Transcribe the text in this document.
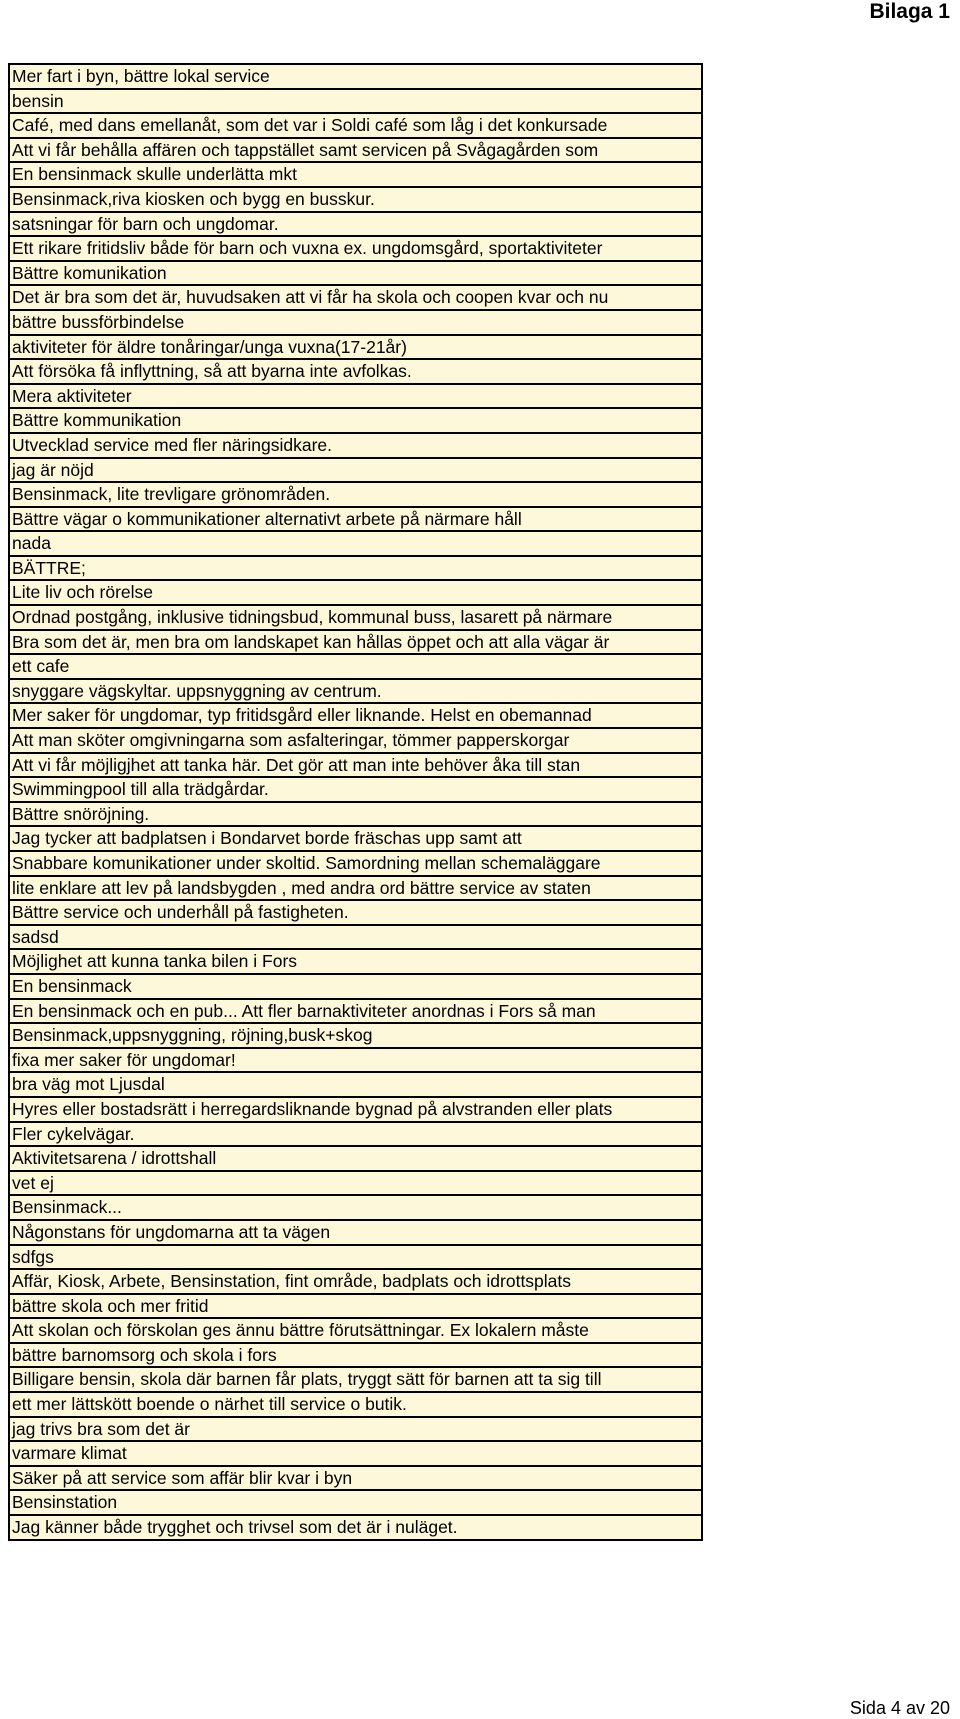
Bilaga 1
Mer fart i byn, bättre lokal service
bensin
Café, med dans emellanåt, som det var i Soldi café som låg i det konkursade
Att vi får behålla affären och tappstället samt servicen på Svågagården som
En bensinmack skulle underlätta mkt
Bensinmack,riva kiosken och bygg en busskur.
satsningar för barn och ungdomar.
Ett rikare fritidsliv både för barn och vuxna ex. ungdomsgård, sportaktiviteter
Bättre komunikation
Det är bra som det är, huvudsaken att vi får ha skola och coopen kvar och nu
bättre bussförbindelse
aktiviteter för äldre tonåringar/unga vuxna(17-21år)
Att försöka få inflyttning, så att byarna inte avfolkas.
Mera aktiviteter
Bättre kommunikation
Utvecklad service med fler näringsidkare.
jag är nöjd
Bensinmack, lite trevligare grönområden.
Bättre vägar o kommunikationer alternativt arbete på närmare håll
nada
BÄTTRE;
Lite liv och rörelse
Ordnad postgång, inklusive tidningsbud, kommunal buss, lasarett på närmare
Bra som det är, men bra om landskapet kan hållas öppet och att alla vägar är
ett cafe
snyggare vägskyltar. uppsnyggning av centrum.
Mer saker för ungdomar, typ fritidsgård eller liknande. Helst en obemannad
Att man sköter omgivningarna som asfalteringar, tömmer papperskorgar
Att vi får möjligjhet att tanka här. Det gör att man inte behöver åka till stan
Swimmingpool till alla trädgårdar.
Bättre snöröjning.
Jag tycker att badplatsen i Bondarvet borde fräschas upp samt att
Snabbare komunikationer under skoltid. Samordning mellan schemaläggare
lite enklare att lev på landsbygden , med andra ord bättre service av staten
Bättre service och underhåll på fastigheten.
sadsd
Möjlighet att kunna tanka bilen i Fors
En bensinmack
En bensinmack och en pub... Att fler barnaktiviteter anordnas i Fors så man
Bensinmack,uppsnyggning, röjning,busk+skog
fixa mer saker för ungdomar!
bra väg mot Ljusdal
Hyres eller bostadsrätt i herregardsliknande bygnad på alvstranden eller plats
Fler cykelvägar.
Aktivitetsarena / idrottshall
vet ej
Bensinmack...
Någonstans för ungdomarna att ta vägen
sdfgs
Affär, Kiosk, Arbete, Bensinstation, fint område, badplats och idrottsplats
bättre skola och mer fritid
Att skolan och förskolan ges ännu bättre förutsättningar. Ex lokalern måste
bättre barnomsorg och skola i fors
Billigare bensin, skola där barnen får plats, tryggt sätt för barnen att ta sig till
ett mer lättskött boende o närhet till service o butik.
jag trivs bra som det är
varmare klimat
Säker på att service som affär blir kvar i byn
Bensinstation
Jag känner både trygghet och trivsel som det är i nuläget.
Sida 4 av 20
